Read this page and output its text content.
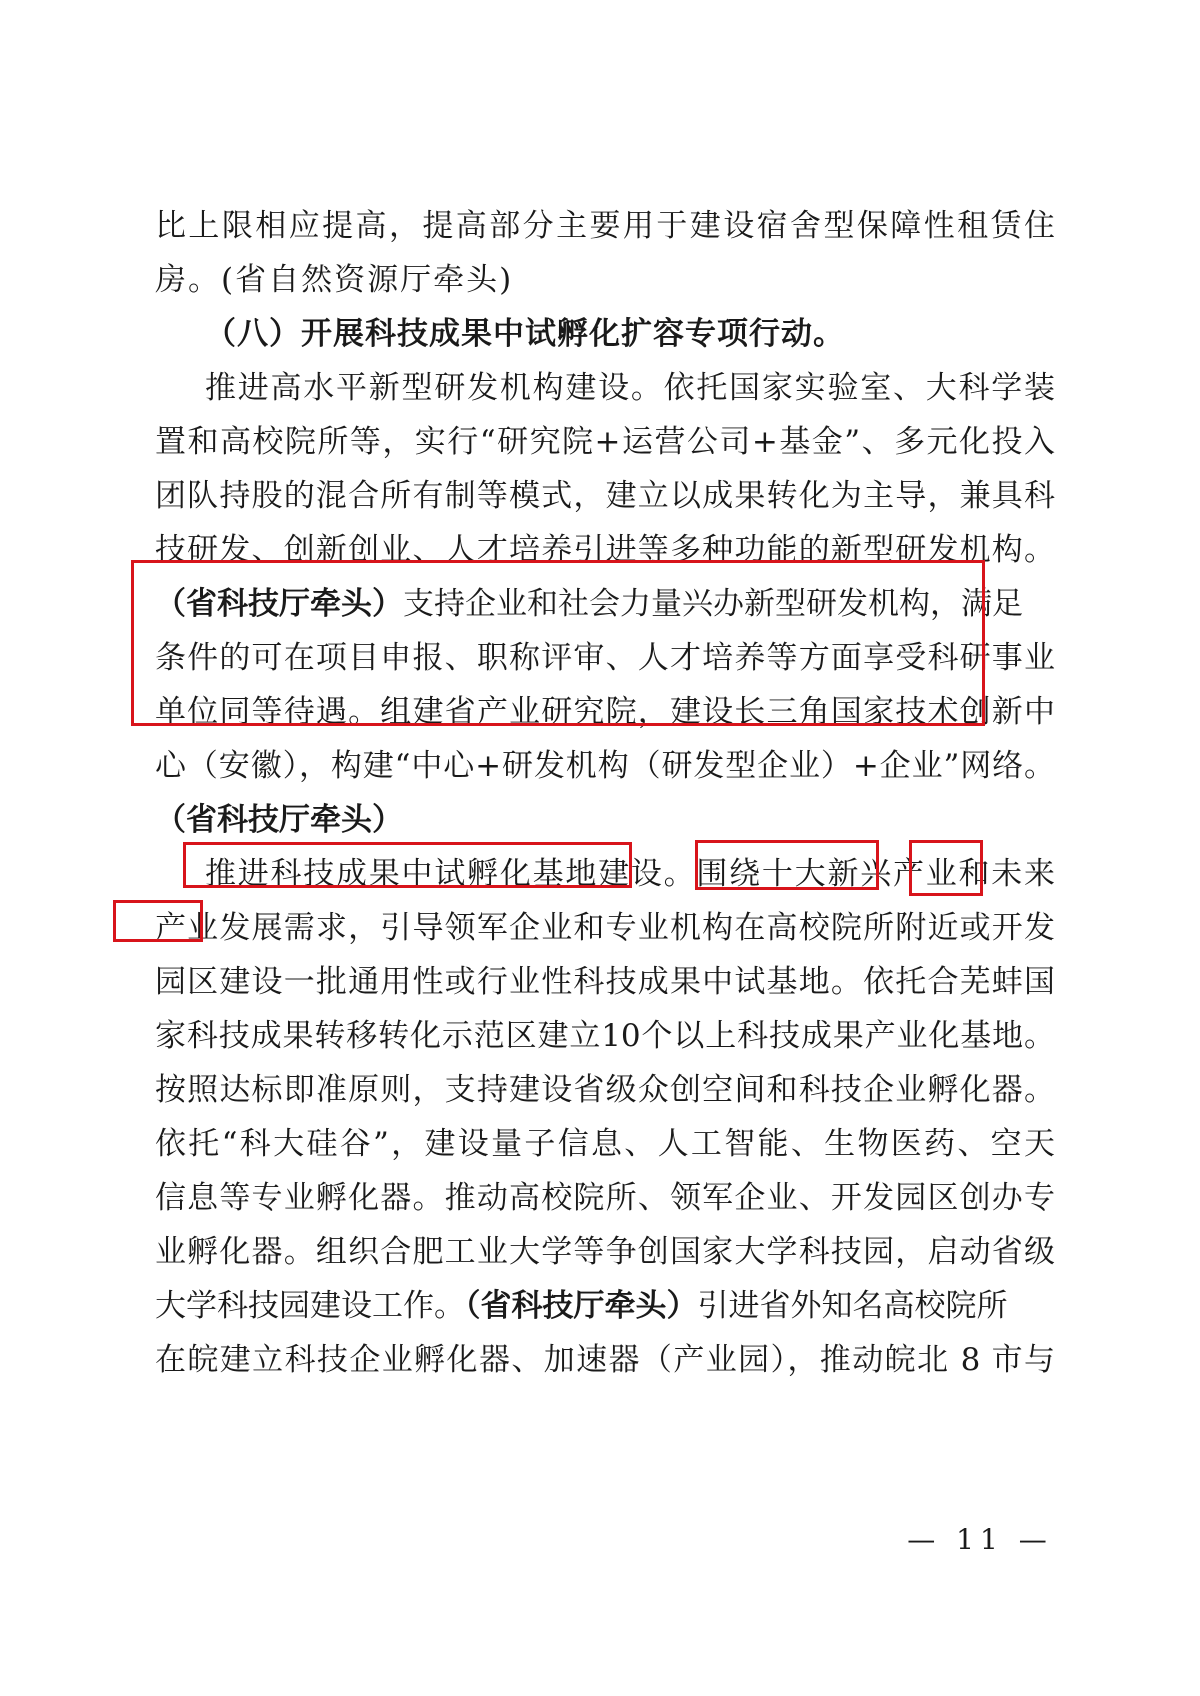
比上限相应提高，提高部分主要用于建设宿舍型保障性租赁住
房。(省自然资源厅牵头)
（八）开展科技成果中试孵化扩容专项行动。
推进高水平新型研发机构建设。依托国家实验室、大科学装
置和高校院所等，实行“研究院+运营公司+基金”、多元化投入
团队持股的混合所有制等模式，建立以成果转化为主导，兼具科
技研发、创新创业、人才培养引进等多种功能的新型研发机构。
（省科技厅牵头）支持企业和社会力量兴办新型研发机构，满足
条件的可在项目申报、职称评审、人才培养等方面享受科研事业
单位同等待遇。组建省产业研究院，建设长三角国家技术创新中
心（安徽），构建“中心+研发机构（研发型企业）+企业”网络。
（省科技厅牵头）
推进科技成果中试孵化基地建设。围绕十大新兴产业和未来
产业发展需求，引导领军企业和专业机构在高校院所附近或开发
园区建设一批通用性或行业性科技成果中试基地。依托合芜蚌国
家科技成果转移转化示范区建立10个以上科技成果产业化基地。
按照达标即准原则，支持建设省级众创空间和科技企业孵化器。
依托“科大硅谷”，建设量子信息、人工智能、生物医药、空天
信息等专业孵化器。推动高校院所、领军企业、开发园区创办专
业孵化器。组织合肥工业大学等争创国家大学科技园，启动省级
大学科技园建设工作。（省科技厅牵头）引进省外知名高校院所
在皖建立科技企业孵化器、加速器（产业园），推动皖北 8 市与
— 11 —
